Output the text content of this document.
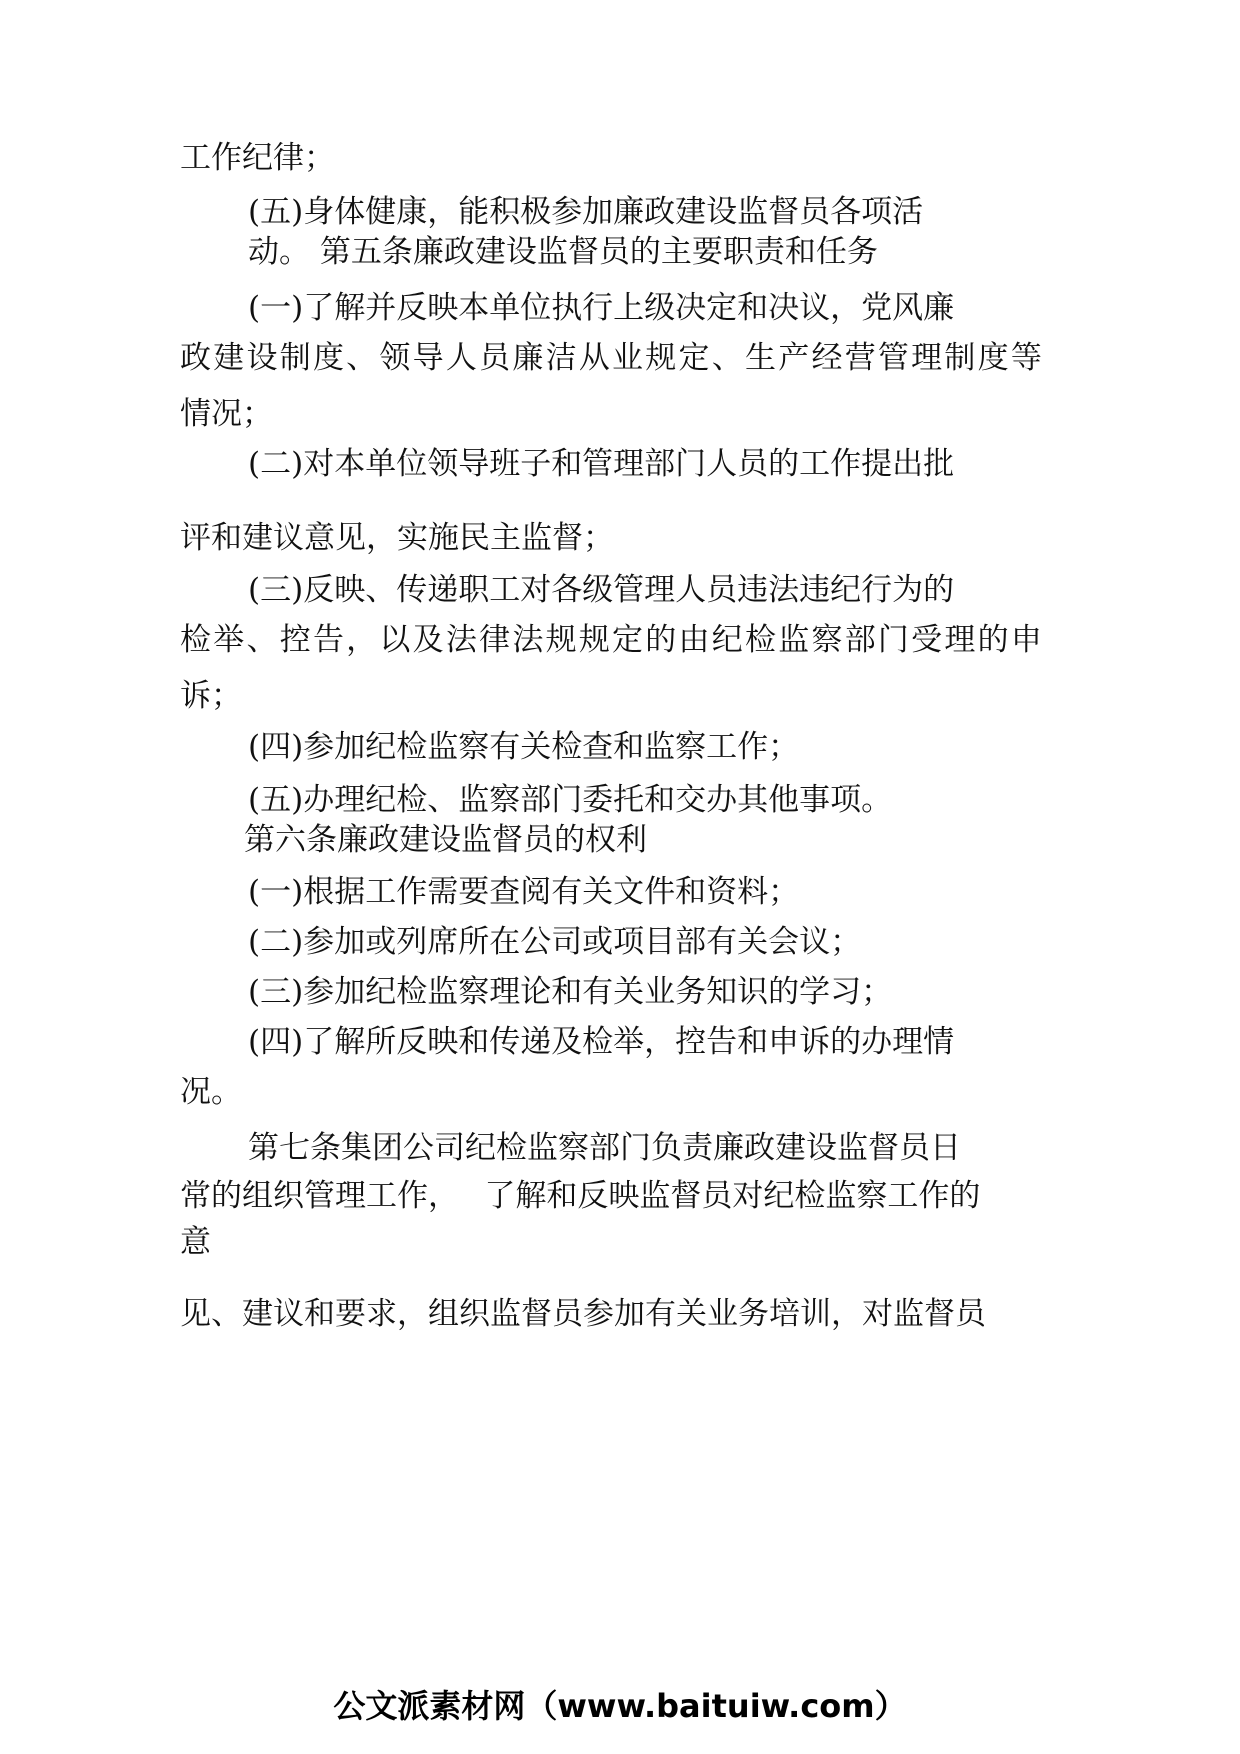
工作纪律；
(五)身体健康，能积极参加廉政建设监督员各项活
动。 第五条廉政建设监督员的主要职责和任务
(一)了解并反映本单位执行上级决定和决议，党风廉
政 建 设 制 度 、 领 导 人 员 廉 洁 从 业 规 定 、 生 产 经 营 管 理 制 度 等
情况；
(二)对本单位领导班子和管理部门人员的工作提出批
评和建议意见，实施民主监督；
(三)反映、传递职工对各级管理人员违法违纪行为的
检 举 、 控 告 ， 以 及 法 律 法 规 规 定 的 由 纪 检 监 察 部 门 受 理 的 申
诉；
(四)参加纪检监察有关检查和监察工作；
(五)办理纪检、监察部门委托和交办其他事项。
第六条廉政建设监督员的权利
(一)根据工作需要查阅有关文件和资料；
(二)参加或列席所在公司或项目部有关会议；
(三)参加纪检监察理论和有关业务知识的学习；
(四)了解所反映和传递及检举，控告和申诉的办理情
况。
第七条集团公司纪检监察部门负责廉政建设监督员日
常的组织管理工作，　 了解和反映监督员对纪检监察工作的
意
见、建议和要求，组织监督员参加有关业务培训，对监督员
公文派素材网（www.baituiw.com）
